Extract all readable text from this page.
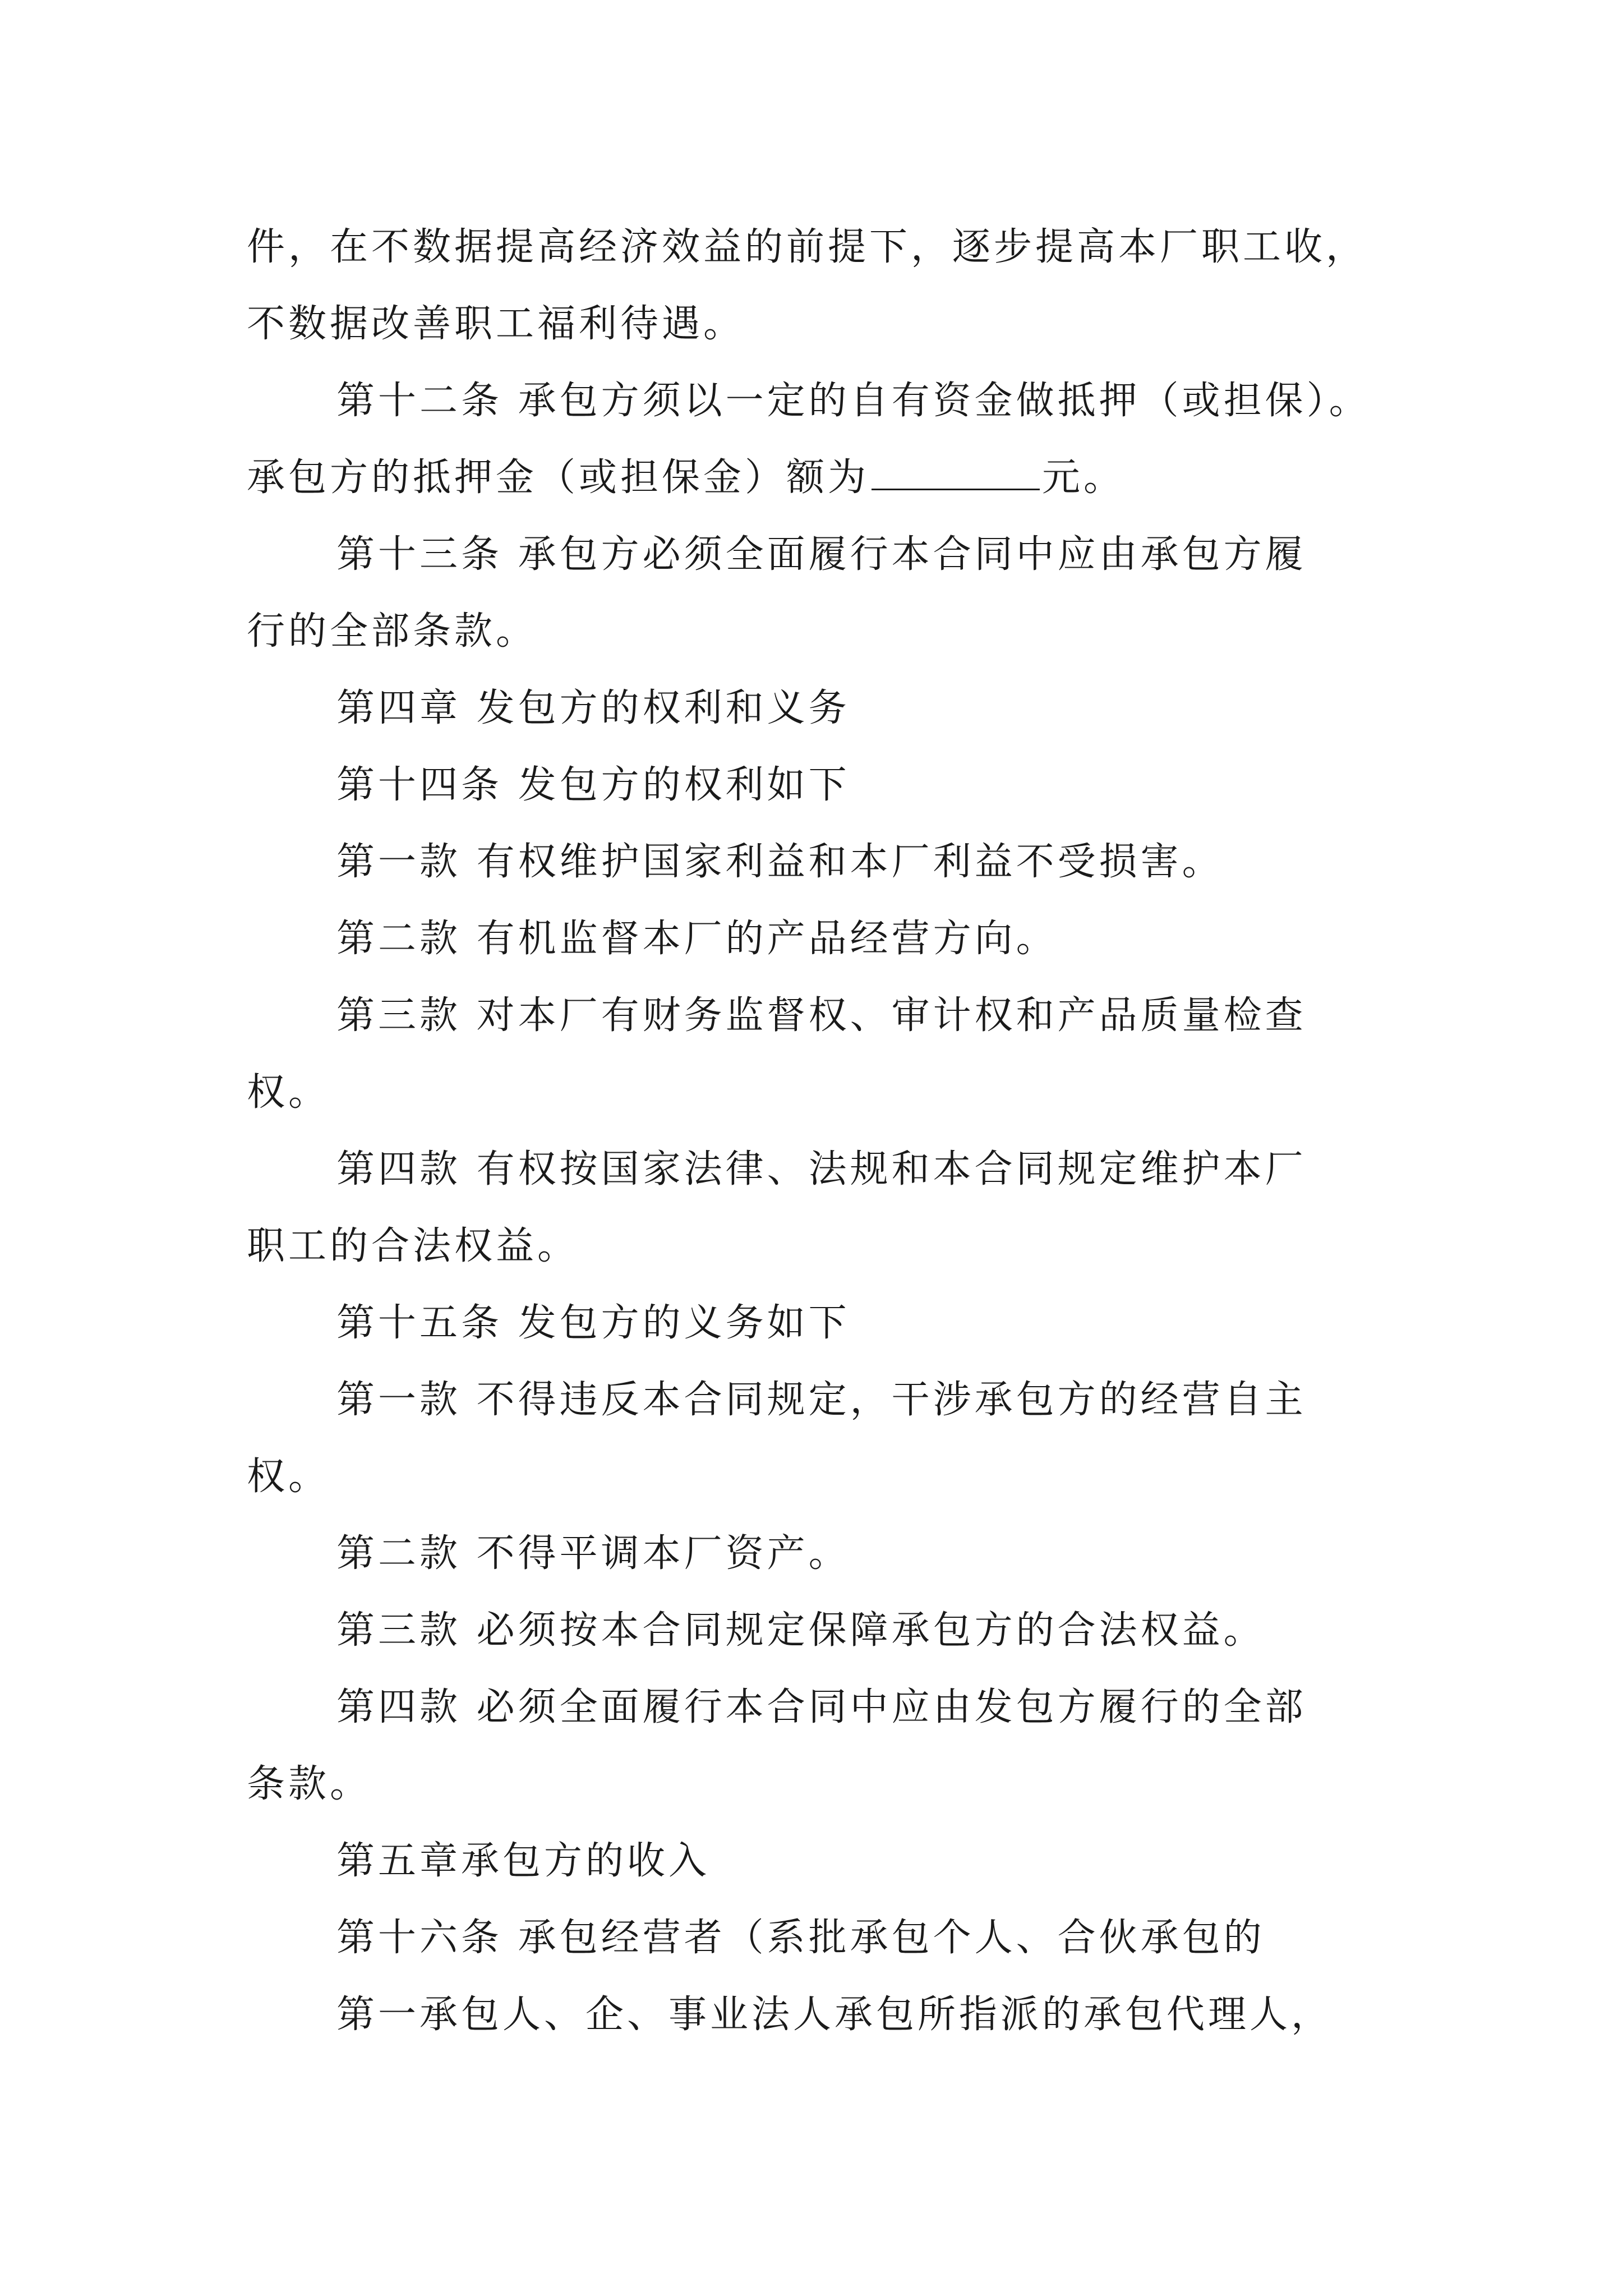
件，在不数据提高经济效益的前提下，逐步提高本厂职工收，
不数据改善职工福利待遇。
第十二条 承包方须以一定的自有资金做抵押（或担保）。
承包方的抵押金（或担保金）额为	元。
第十三条 承包方必须全面履行本合同中应由承包方履
行的全部条款。
第四章 发包方的权利和义务
第十四条 发包方的权利如下
第一款 有权维护国家利益和本厂利益不受损害。
第二款 有机监督本厂的产品经营方向。
第三款 对本厂有财务监督权、审计权和产品质量检查
权。
第四款 有权按国家法律、法规和本合同规定维护本厂
职工的合法权益。
第十五条 发包方的义务如下
第一款 不得违反本合同规定，干涉承包方的经营自主
权。
第二款 不得平调本厂资产。
第三款 必须按本合同规定保障承包方的合法权益。
第四款 必须全面履行本合同中应由发包方履行的全部
条款。
第五章承包方的收入
第十六条 承包经营者（系批承包个人、合伙承包的
第一承包人、企、事业法人承包所指派的承包代理人，
